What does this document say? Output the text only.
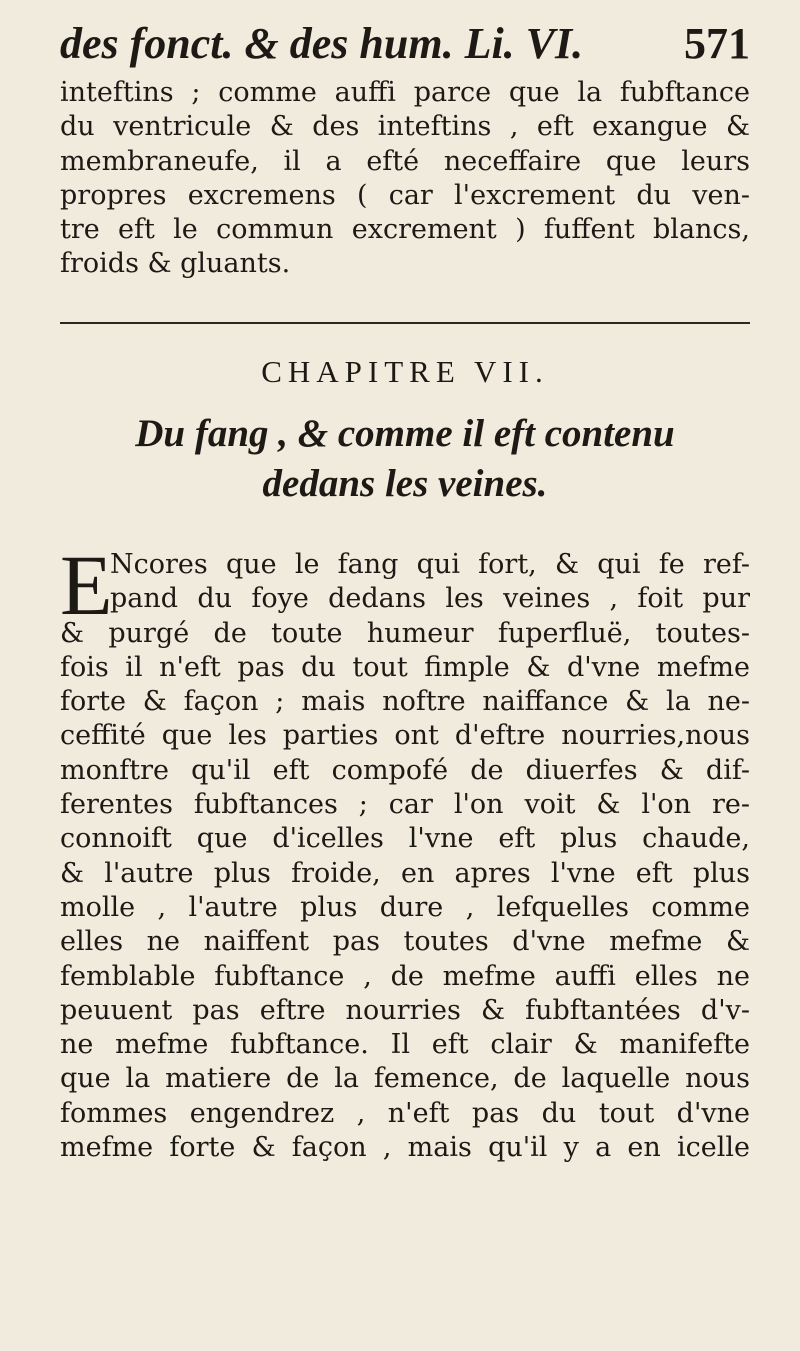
des fonct. & des hum. Li. VI. 571
inteftins ; comme auffi parce que la fubftance
du ventricule & des inteftins , eft exangue &
membraneufe, il a efté neceffaire que leurs
propres excremens ( car l'excrement du ven-
tre eft le commun excrement ) fuffent blancs,
froids & gluants.
CHAPITRE VII.
Du fang , & comme il eft contenu
dedans les veines.
E
Ncores que le fang qui fort, & qui fe ref-
pand du foye dedans les veines , foit pur
& purgé de toute humeur fuperfluë, toutes-
fois il n'eft pas du tout fimple & d'vne mefme
forte & façon ; mais noftre naiffance & la ne-
ceffité que les parties ont d'eftre nourries,nous
monftre qu'il eft compofé de diuerfes & dif-
ferentes fubftances ; car l'on voit & l'on re-
connoift que d'icelles l'vne eft plus chaude,
& l'autre plus froide, en apres l'vne eft plus
molle , l'autre plus dure , lefquelles comme
elles ne naiffent pas toutes d'vne mefme &
femblable fubftance , de mefme auffi elles ne
peuuent pas eftre nourries & fubftantées d'v-
ne mefme fubftance. Il eft clair & manifefte
que la matiere de la femence, de laquelle nous
fommes engendrez , n'eft pas du tout d'vne
mefme forte & façon , mais qu'il y a en icelle
